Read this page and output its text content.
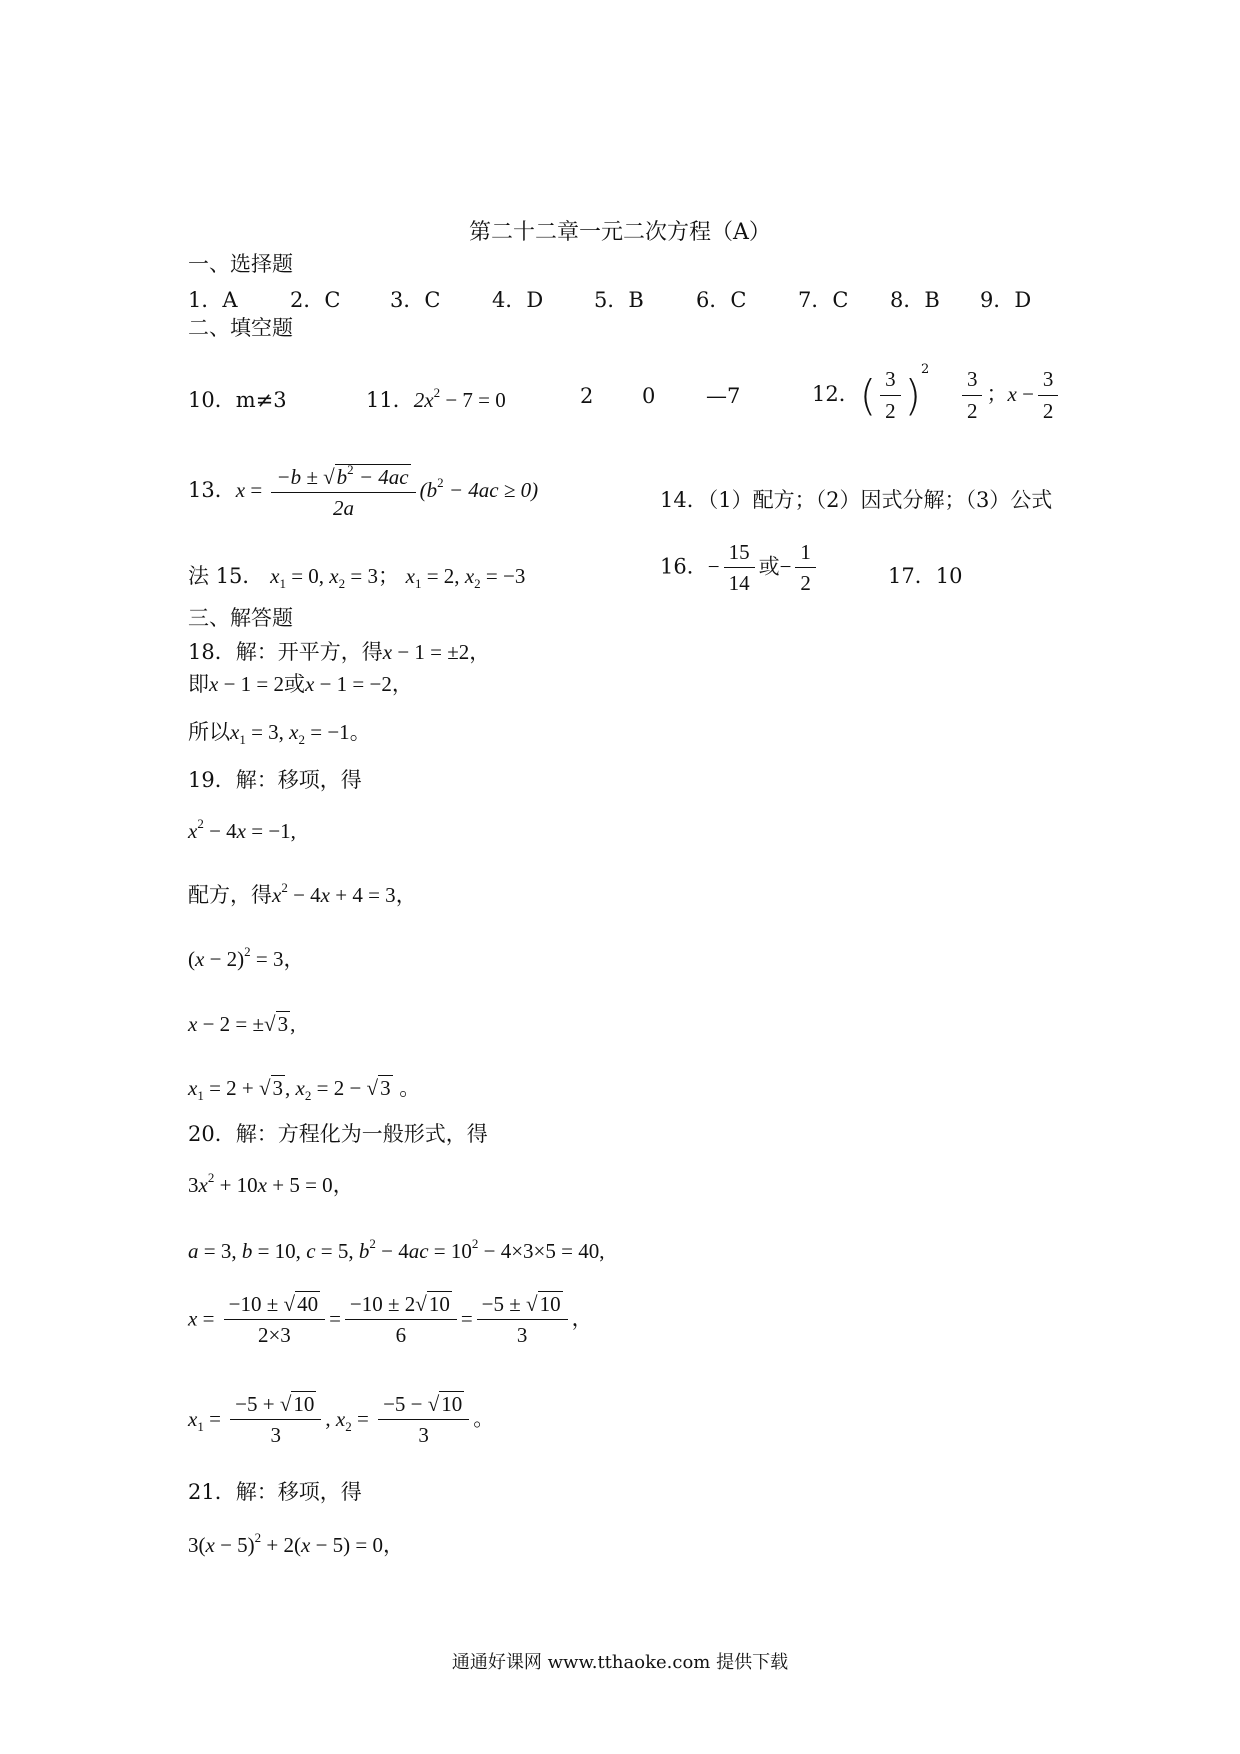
第二十二章一元二次方程（A）
一、选择题
1．A 2．C 3．C 4．D 5．B 6．C 7．C 8．B 9．D
二、填空题
10．m≠3	11．$2x^2 - 7 = 0$	2 0 —7	12．( $\frac{3}{2} )^2 \frac{3}{2}$ ；$x - \frac{3}{2}$
13．$x = \frac{-b \pm √b^2 - 4ac}{2a} (b^2 - 4ac \ge 0)$	14．（1）配方；（2）因式分解；（3）公式
法 15． $x_1 = 0$, $x_2 = 3$； $x_1 = 2$, $x_2 = -3$	16．− $\frac{15}{14}$ 或− $\frac{1}{2}$	17．10
三、解答题
18．解：开平方，得x − 1 = ±2，
即x − 1 = 2或x − 1 = −2，
所以$x_1 = 3$, $x_2 = -1$。
19．解：移项，得
$x^2 - 4x = -1$,
配方，得$x^2 - 4x + 4 = 3$，
$(x - 2)^2 = 3$，
x − 2 = ±√3,
$x_1 = 2 + √3$, $x_2 = 2 - √3$ 。
20．解：方程化为一般形式，得
$3x^2 + 10x + 5 = 0$，
a = 3, b = 10, c = 5, $b^2 - 4ac = 10^2 - 4\times 3\times 5 = 40$,
$x = \frac{-10 \pm √40}{2\times 3} = \frac{-10 \pm 2√10}{6} = \frac{-5 \pm √10}{3}$ ，
$x_1 = \frac{-5 + √10}{3}$ , $x_2 = \frac{-5 - √10}{3}$ 。
21．解：移项，得
$3(x - 5)^2 + 2(x - 5) = 0$，
通通好课网 www.tthaoke.com 提供下载
